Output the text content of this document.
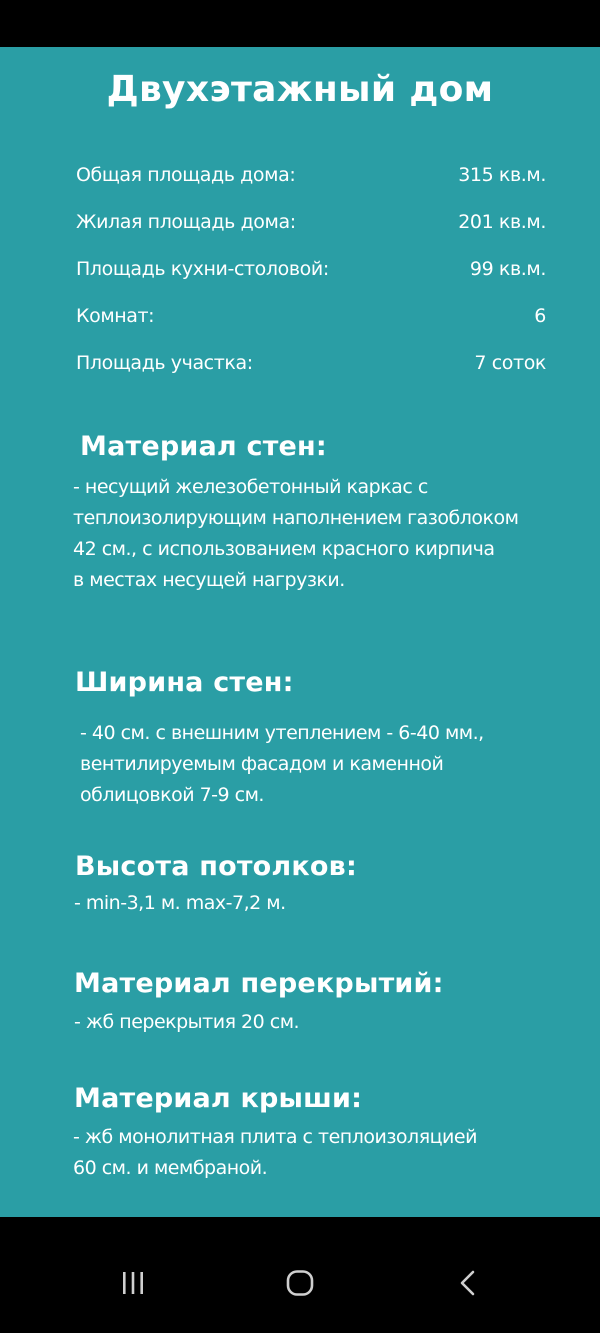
Двухэтажный дом
Общая площадь дома:	315 кв.м.
Жилая площадь дома:	201 кв.м.
Площадь кухни-столовой:	99 кв.м.
Комнат:	6
Площадь участка:	7 соток
Материал стен:
- несущий железобетонный каркас с
теплоизолирующим наполнением газоблоком
42 см., с использованием красного кирпича
в местах несущей нагрузки.
Ширина стен:
- 40 см. с внешним утеплением - 6-40 мм.,
вентилируемым фасадом и каменной
облицовкой 7-9 см.
Высота потолков:
- min-3,1 м. max-7,2 м.
Материал перекрытий:
- жб перекрытия 20 см.
Материал крыши:
- жб монолитная плита с теплоизоляцией
60 см. и мембраной.
